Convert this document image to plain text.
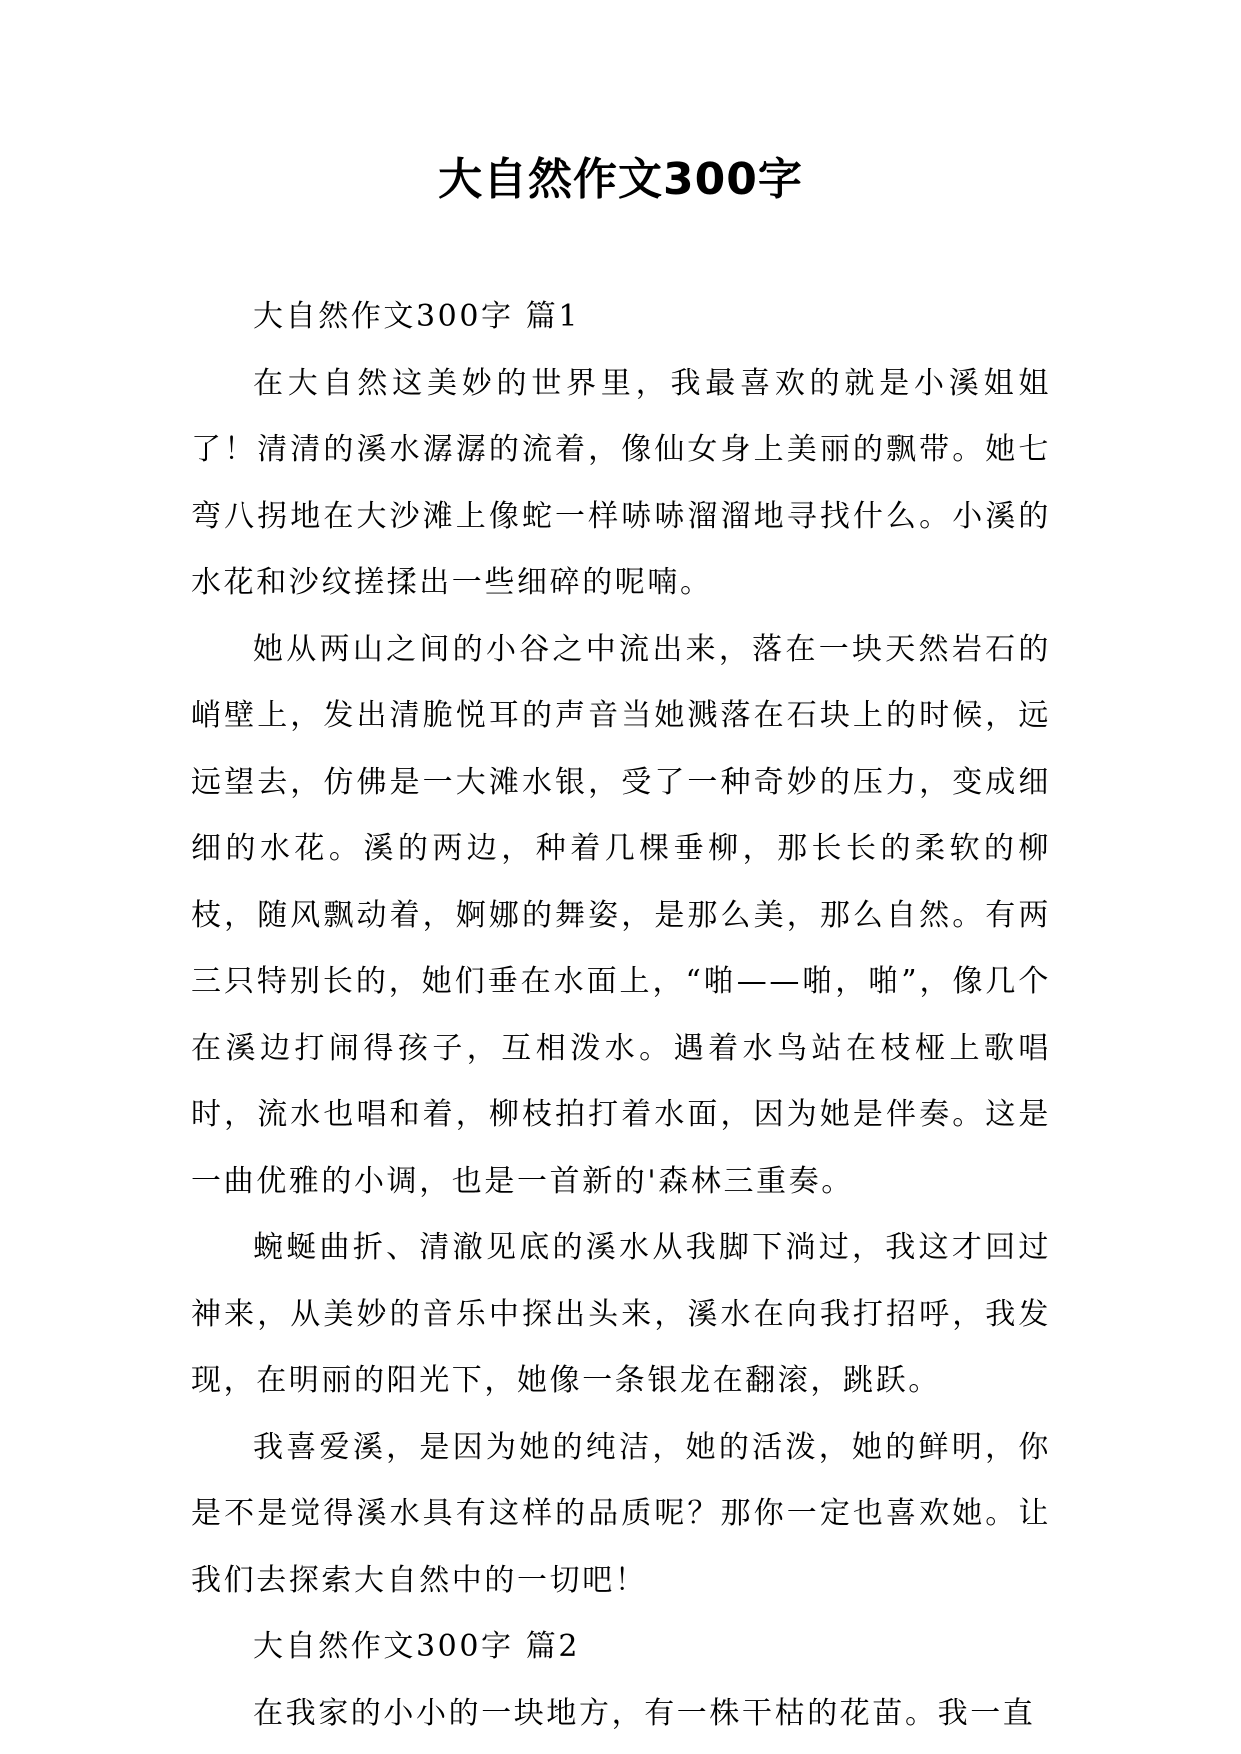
大自然作文300字

大自然作文300字 篇1

在大自然这美妙的世界里，我最喜欢的就是小溪姐姐了！清清的溪水潺潺的流着，像仙女身上美丽的飘带。她七弯八拐地在大沙滩上像蛇一样哧哧溜溜地寻找什么。小溪的水花和沙纹搓揉出一些细碎的呢喃。

她从两山之间的小谷之中流出来，落在一块天然岩石的峭壁上，发出清脆悦耳的声音当她溅落在石块上的时候，远远望去，仿佛是一大滩水银，受了一种奇妙的压力，变成细细的水花。溪的两边，种着几棵垂柳，那长长的柔软的柳枝，随风飘动着，婀娜的舞姿，是那么美，那么自然。有两三只特别长的，她们垂在水面上，“啪——啪，啪”，像几个在溪边打闹得孩子，互相泼水。遇着水鸟站在枝桠上歌唱时，流水也唱和着，柳枝拍打着水面，因为她是伴奏。这是一曲优雅的小调，也是一首新的'森林三重奏。

蜿蜒曲折、清澈见底的溪水从我脚下淌过，我这才回过神来，从美妙的音乐中探出头来，溪水在向我打招呼，我发现，在明丽的阳光下，她像一条银龙在翻滚，跳跃。

我喜爱溪，是因为她的纯洁，她的活泼，她的鲜明，你是不是觉得溪水具有这样的品质呢？那你一定也喜欢她。让我们去探索大自然中的一切吧！

大自然作文300字 篇2

在我家的小小的一块地方，有一株干枯的花苗。我一直
